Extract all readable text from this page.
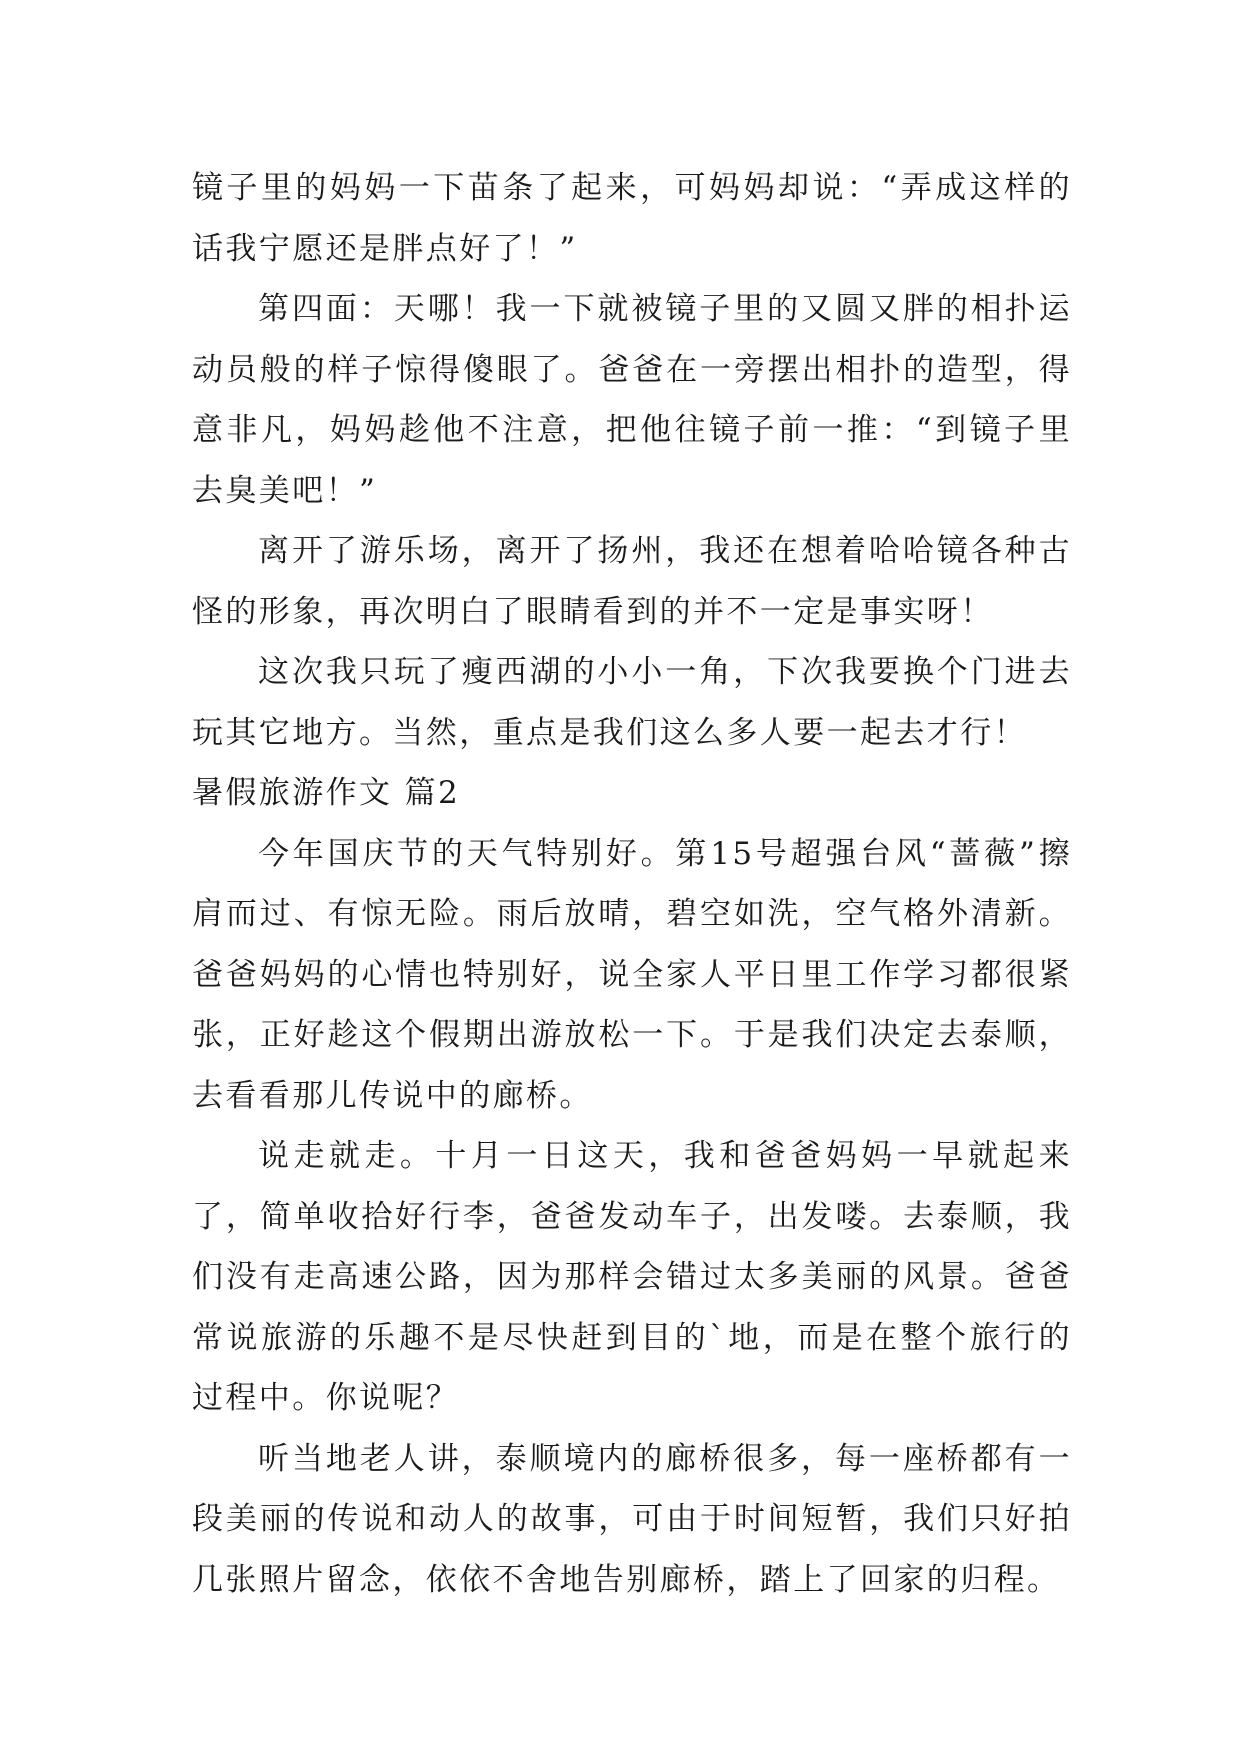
镜子里的妈妈一下苗条了起来，可妈妈却说：“弄成这样的话我宁愿还是胖点好了！”

第四面：天哪！我一下就被镜子里的又圆又胖的相扑运动员般的样子惊得傻眼了。爸爸在一旁摆出相扑的造型，得意非凡，妈妈趁他不注意，把他往镜子前一推：“到镜子里去臭美吧！”

离开了游乐场，离开了扬州，我还在想着哈哈镜各种古怪的形象，再次明白了眼睛看到的并不一定是事实呀！

这次我只玩了瘦西湖的小小一角，下次我要换个门进去玩其它地方。当然，重点是我们这么多人要一起去才行！

暑假旅游作文 篇2

今年国庆节的天气特别好。第15号超强台风“蔷薇”擦肩而过、有惊无险。雨后放晴，碧空如洗，空气格外清新。爸爸妈妈的心情也特别好，说全家人平日里工作学习都很紧张，正好趁这个假期出游放松一下。于是我们决定去泰顺，去看看那儿传说中的廊桥。

说走就走。十月一日这天，我和爸爸妈妈一早就起来了，简单收拾好行李，爸爸发动车子，出发喽。去泰顺，我们没有走高速公路，因为那样会错过太多美丽的风景。爸爸常说旅游的乐趣不是尽快赶到目的`地，而是在整个旅行的过程中。你说呢？

听当地老人讲，泰顺境内的廊桥很多，每一座桥都有一段美丽的传说和动人的故事，可由于时间短暂，我们只好拍几张照片留念，依依不舍地告别廊桥，踏上了回家的归程。
